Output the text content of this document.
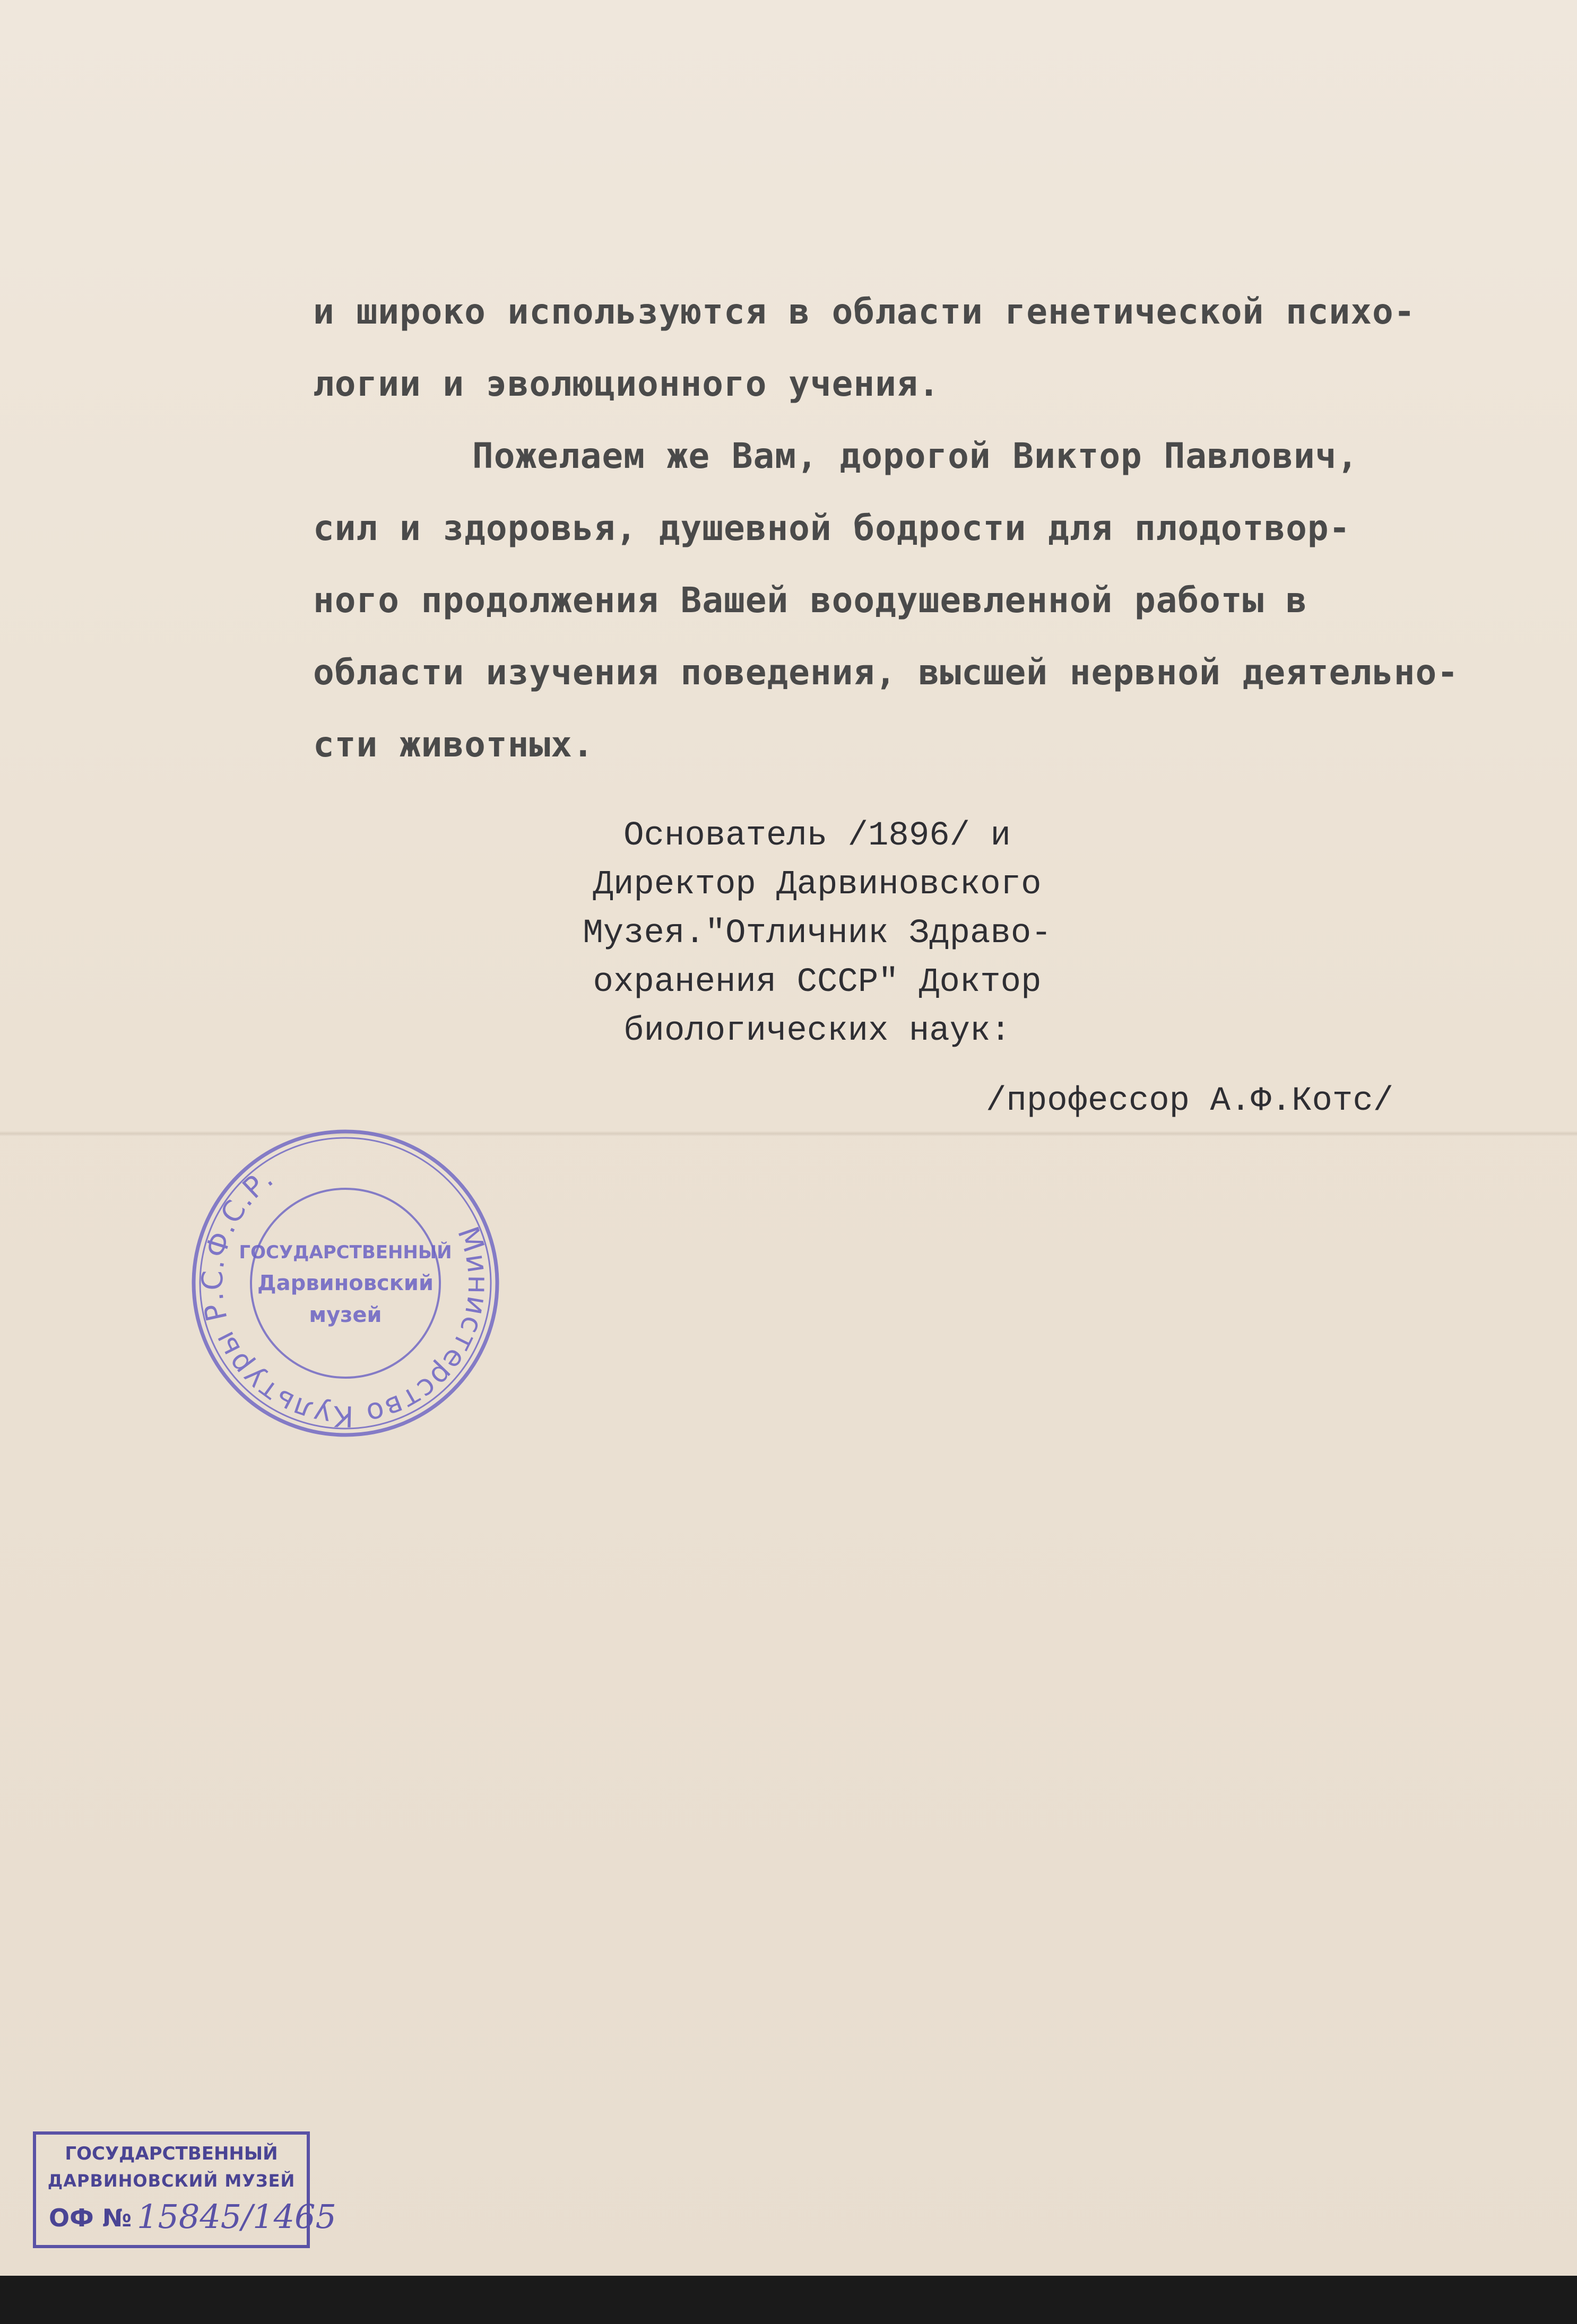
и широко используются в области генетической психо-
логии и эволюционного учения.
Пожелаем же Вам, дорогой Виктор Павлович,
сил и здоровья, душевной бодрости для плодотвор-
ного продолжения Вашей воодушевленной работы в
области изучения поведения, высшей нервной деятельно-
сти животных.
Основатель /1896/ и
Директор Дарвиновского
Музея."Отличник Здраво-
охранения СССР" Доктор
биологических наук:
/профессор А.Ф.Котс/
Министерство Культуры Р.С.Ф.С.Р.
ГОСУДАРСТВЕННЫЙ
Дарвиновский
музей
ГОСУДАРСТВЕННЫЙ
ДАРВИНОВСКИЙ МУЗЕЙ
ОФ № 15845/1465
